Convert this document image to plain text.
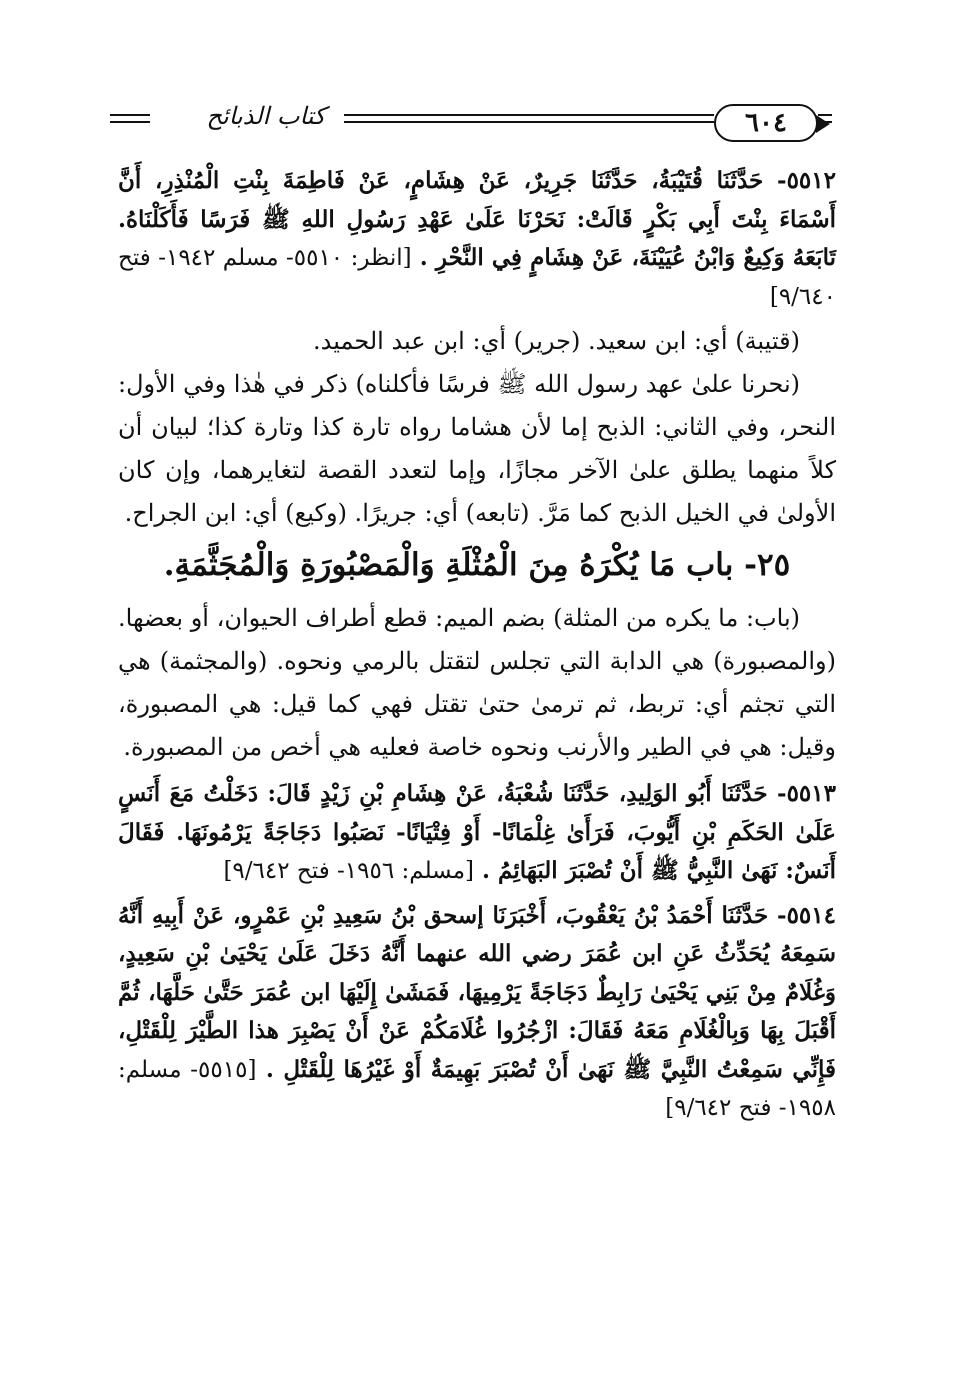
كتاب الذبائح	٦٠٤

٥٥١٢- حَدَّثَنَا قُتَيْبَةُ، حَدَّثَنَا جَرِيرٌ، عَنْ هِشَامٍ، عَنْ فَاطِمَةَ بِنْتِ الْمُنْذِرِ، أَنَّ أَسْمَاءَ بِنْتَ أَبِي بَكْرٍ قَالَتْ: نَحَرْنَا عَلَىٰ عَهْدِ رَسُولِ اللهِ ﷺ فَرَسًا فَأَكَلْنَاهُ. تَابَعَهُ وَكِيعٌ وَابْنُ عُيَيْنَةَ، عَنْ هِشَامٍ فِي النَّحْرِ . [انظر: ٥٥١٠- مسلم ١٩٤٢- فتح ٩/٦٤٠]

(قتيبة) أي: ابن سعيد. (جرير) أي: ابن عبد الحميد.

(نحرنا علىٰ عهد رسول الله ﷺ فرسًا فأكلناه) ذكر في هٰذا وفي الأول: النحر، وفي الثاني: الذبح إما لأن هشاما رواه تارة كذا وتارة كذا؛ لبيان أن كلاً منهما يطلق علىٰ الآخر مجازًا، وإما لتعدد القصة لتغايرهما، وإن كان الأولىٰ في الخيل الذبح كما مَرَّ. (تابعه) أي: جريرًا. (وكيع) أي: ابن الجراح.

٢٥- باب مَا يُكْرَهُ مِنَ الْمُثْلَةِ وَالْمَصْبُورَةِ وَالْمُجَثَّمَةِ.

(باب: ما يكره من المثلة) بضم الميم: قطع أطراف الحيوان، أو بعضها. (والمصبورة) هي الدابة التي تجلس لتقتل بالرمي ونحوه. (والمجثمة) هي التي تجثم أي: تربط، ثم ترمىٰ حتىٰ تقتل فهي كما قيل: هي المصبورة، وقيل: هي في الطير والأرنب ونحوه خاصة فعليه هي أخص من المصبورة.

٥٥١٣- حَدَّثَنَا أَبُو الوَلِيدِ، حَدَّثَنَا شُعْبَةُ، عَنْ هِشَامِ بْنِ زَيْدٍ قَالَ: دَخَلْتُ مَعَ أَنَسٍ عَلَىٰ الحَكَمِ بْنِ أَيُّوبَ، فَرَأَىٰ غِلْمَانًا- أَوْ فِتْيَانًا- نَصَبُوا دَجَاجَةً يَرْمُونَهَا. فَقَالَ أَنَسٌ: نَهَىٰ النَّبِيُّ ﷺ أَنْ تُصْبَرَ البَهَائِمُ . [مسلم: ١٩٥٦- فتح ٩/٦٤٢]

٥٥١٤- حَدَّثَنَا أَحْمَدُ بْنُ يَعْقُوبَ، أَخْبَرَنَا إسحق بْنُ سَعِيدِ بْنِ عَمْرٍو، عَنْ أَبِيهِ أَنَّهُ سَمِعَهُ يُحَدِّثُ عَنِ ابن عُمَرَ رضي الله عنهما أَنَّهُ دَخَلَ عَلَىٰ يَحْيَىٰ بْنِ سَعِيدٍ، وَغُلَامٌ مِنْ بَنِي يَحْيَىٰ رَابِطٌ دَجَاجَةً يَرْمِيهَا، فَمَشَىٰ إِلَيْهَا ابن عُمَرَ حَتَّىٰ حَلَّهَا، ثُمَّ أَقْبَلَ بِهَا وَبِالْغُلَامِ مَعَهُ فَقَالَ: ازْجُرُوا غُلَامَكُمْ عَنْ أَنْ يَصْبِرَ هذا الطَّيْرَ لِلْقَتْلِ، فَإِنِّي سَمِعْتُ النَّبِيَّ ﷺ نَهَىٰ أَنْ تُصْبَرَ بَهِيمَةٌ أَوْ غَيْرُهَا لِلْقَتْلِ . [٥٥١٥- مسلم: ١٩٥٨- فتح ٩/٦٤٢]
